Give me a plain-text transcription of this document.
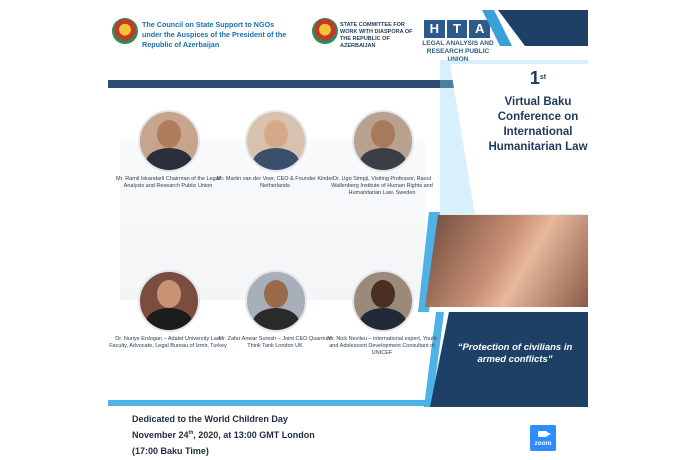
The Council on State Support to NGOs under the Auspices of the President of the Republic of Azerbaijan
STATE COMMITTEE FOR WORK WITH DIASPORA OF THE REPUBLIC OF AZERBAIJAN
H	T	A
LEGAL ANALYSIS AND RESEARCH PUBLIC UNION
1st
Virtual Baku Conference on International Humanitarian Law
“Protection of civilians in armed conflicts”
Mr. Ramil Iskandarli Chairman of the Legal Analysis and Research Public Union
Mr. Martin van der Veer, CEO & Founder Kinder Netherlands
Dr. Ugo Simpji, Visiting Professor, Raoul Wallenberg Institute of Human Rights and Humanitarian Law, Sweden
Dr. Nuriye Erdogan – Adalet University Law Faculty, Advocate, Legal Bureau of Izmir, Turkey
Mr. Zafar Anwar Suresh – Joint CEO Quantum Think Tank London UK
Mr. Nick Nevileu – international expert, Youth and Adolescent Development Consultant of UNICEF
Dedicated to the World Children Day
November 24th, 2020, at 13:00 GMT London
(17:00 Baku Time)
zoom
